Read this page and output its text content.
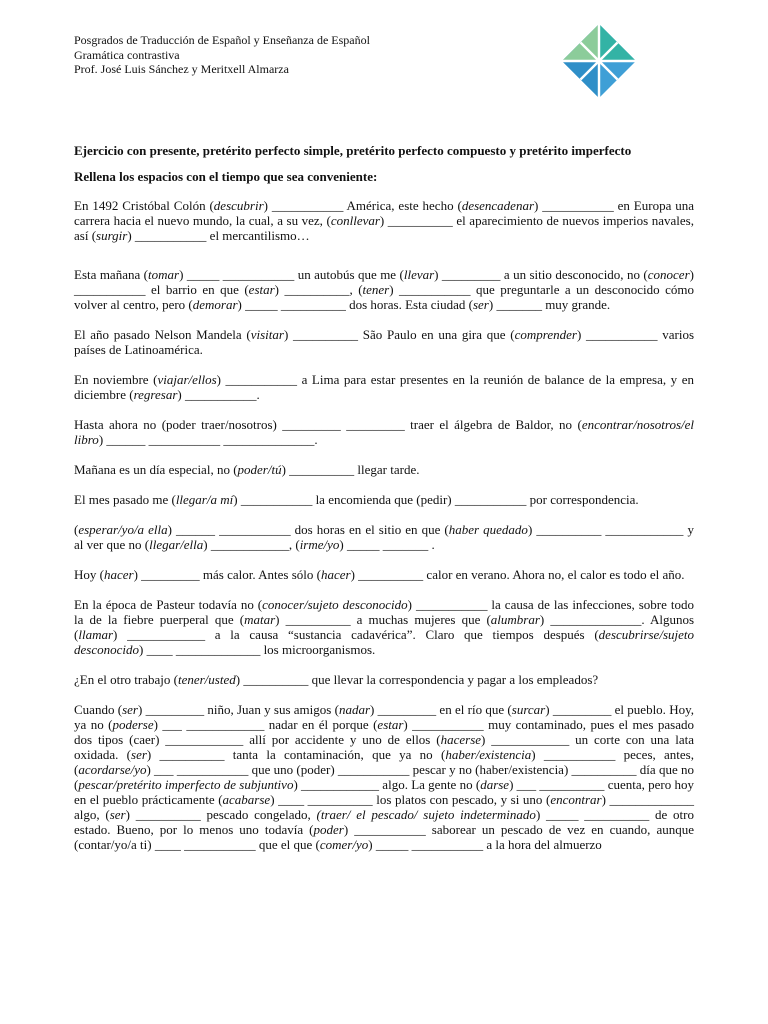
Posgrados de Traducción de Español y Enseñanza de Español
Gramática contrastiva
Prof. José Luis Sánchez y Meritxell Almarza
Ejercicio con presente, pretérito perfecto simple, pretérito perfecto compuesto y pretérito imperfecto
Rellena los espacios con el tiempo que sea conveniente:

En 1492 Cristóbal Colón (descubrir) ___________ América, este hecho (desencadenar) ___________ en Europa una carrera hacia el nuevo mundo, la cual, a su vez, (conllevar) __________ el aparecimiento de nuevos imperios navales, así (surgir) ___________ el mercantilismo…

Esta mañana (tomar) _____ ___________ un autobús que me (llevar) _________ a un sitio desconocido, no (conocer) ___________ el barrio en que (estar) __________, (tener) ___________ que preguntarle a un desconocido cómo volver al centro, pero (demorar) _____ __________ dos horas. Esta ciudad (ser) _______ muy grande.

El año pasado Nelson Mandela (visitar) __________ São Paulo en una gira que (comprender) ___________ varios países de Latinoamérica.

En noviembre (viajar/ellos) ___________ a Lima para estar presentes en la reunión de balance de la empresa, y en diciembre (regresar) ___________.

Hasta ahora no (poder traer/nosotros) _________ _________ traer el álgebra de Baldor, no (encontrar/nosotros/el libro) ______ ___________ ______________.

Mañana es un día especial, no (poder/tú) __________ llegar tarde.

El mes pasado me (llegar/a mí) ___________ la encomienda que (pedir) ___________ por correspondencia.

(esperar/yo/a ella) ______ ___________ dos horas en el sitio en que (haber quedado) __________ ____________ y al ver que no (llegar/ella) ____________, (irme/yo) _____ _______ .

Hoy (hacer) _________ más calor. Antes sólo (hacer) __________ calor en verano. Ahora no, el calor es todo el año.

En la época de Pasteur todavía no (conocer/sujeto desconocido) ___________ la causa de las infecciones, sobre todo la de la fiebre puerperal que (matar) __________ a muchas mujeres que (alumbrar) ______________. Algunos (llamar) ____________ a la causa “sustancia cadavérica”. Claro que tiempos después (descubrirse/sujeto desconocido) ____ _____________ los microorganismos.

¿En el otro trabajo (tener/usted) __________ que llevar la correspondencia y pagar a los empleados?

Cuando (ser) _________ niño, Juan y sus amigos (nadar) _________ en el río que (surcar) _________ el pueblo. Hoy, ya no (poderse) ___ ____________ nadar en él porque (estar) ___________ muy contaminado, pues el mes pasado dos tipos (caer) ____________ allí por accidente y uno de ellos (hacerse) ____________ un corte con una lata oxidada. (ser) __________ tanta la contaminación, que ya no (haber/existencia) ___________ peces, antes, (acordarse/yo) ___ ___________ que uno (poder) ___________ pescar y no (haber/existencia) __________ día que no (pescar/pretérito imperfecto de subjuntivo) ____________ algo. La gente no (darse) ___ __________ cuenta, pero hoy en el pueblo prácticamente (acabarse) ____ __________ los platos con pescado, y si uno (encontrar) _____________ algo, (ser) __________ pescado congelado, (traer/ el pescado/ sujeto indeterminado) _____ __________ de otro estado. Bueno, por lo menos uno todavía (poder) ___________ saborear un pescado de vez en cuando, aunque (contar/yo/a ti) ____ ___________ que el que (comer/yo) _____ ___________ a la hora del almuerzo
